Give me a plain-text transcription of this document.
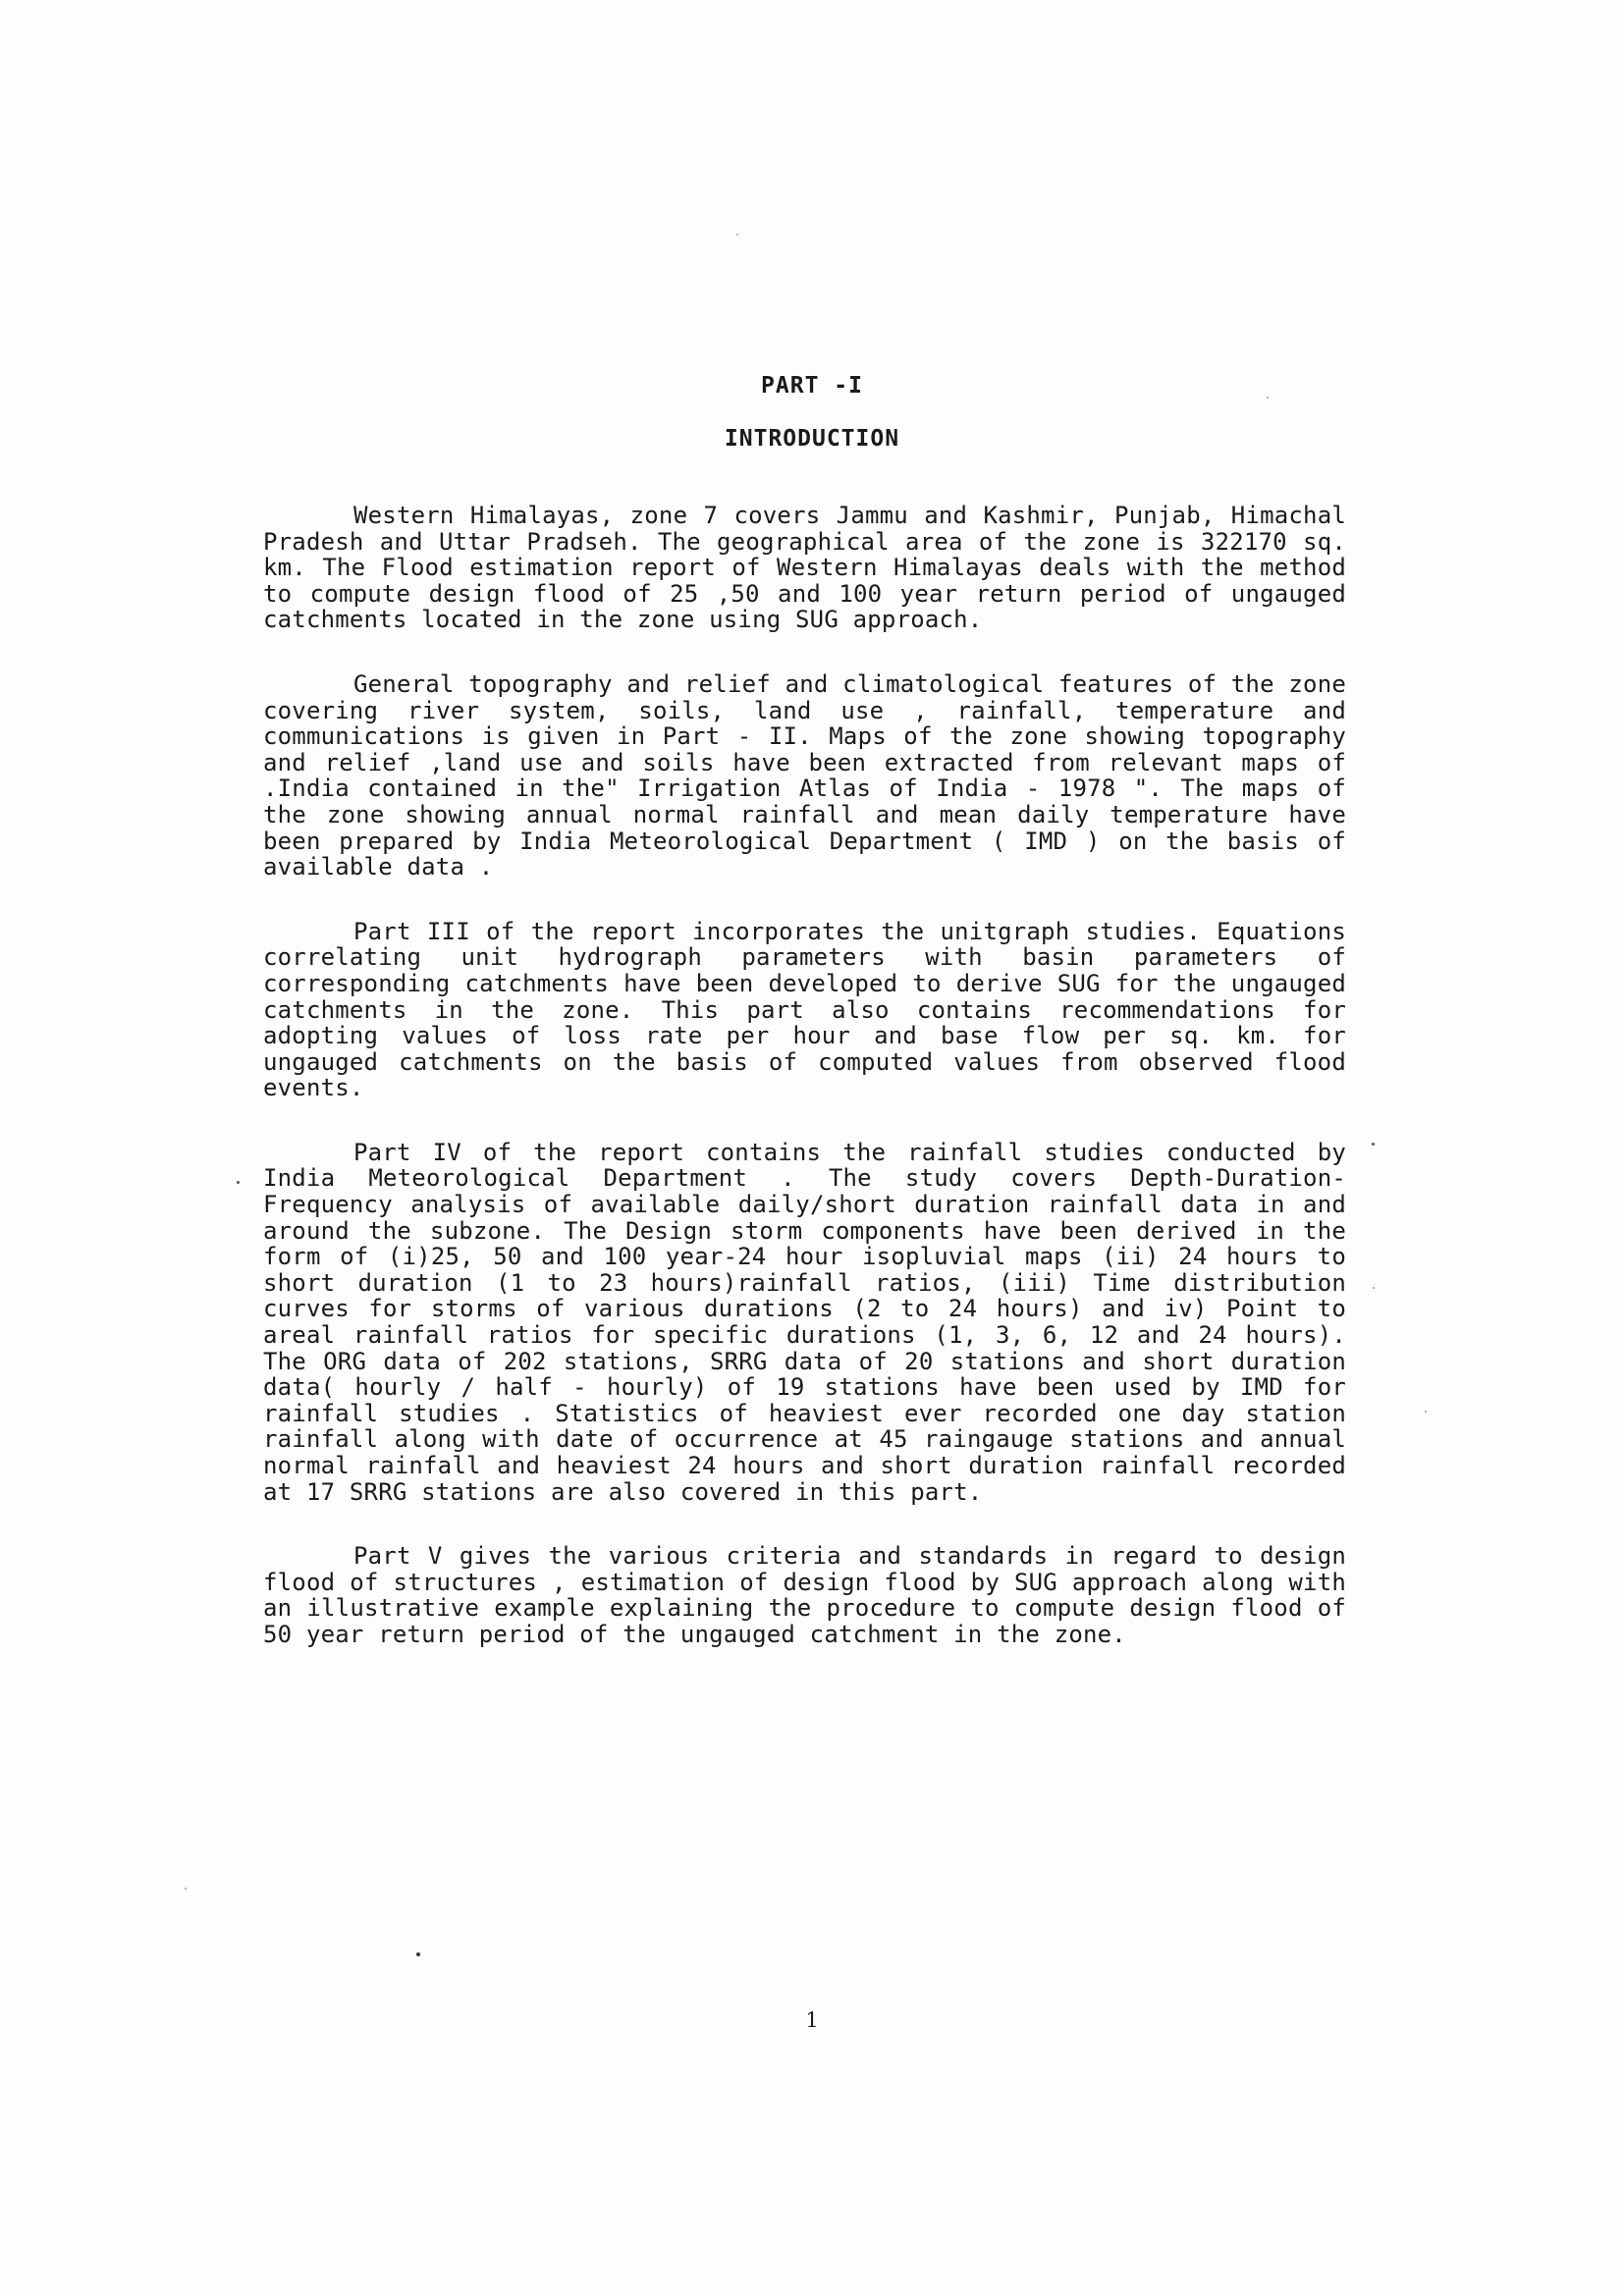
PART -I
INTRODUCTION

Western Himalayas, zone 7 covers Jammu and Kashmir, Punjab, Himachal Pradesh and Uttar Pradseh. The geographical area of the zone is 322170 sq. km. The Flood estimation report of Western Himalayas deals with the method to compute design flood of 25 ,50 and 100 year return period of ungauged catchments located in the zone using SUG approach.

General topography and relief and climatological features of the zone covering river system, soils, land use , rainfall, temperature and communications is given in Part - II. Maps of the zone showing topography and relief ,land use and soils have been extracted from relevant maps of .India contained in the" Irrigation Atlas of India - 1978 ". The maps of the zone showing annual normal rainfall and mean daily temperature have been prepared by India Meteorological Department ( IMD ) on the basis of available data .

Part III of the report incorporates the unitgraph studies. Equations correlating unit hydrograph parameters with basin parameters of corresponding catchments have been developed to derive SUG for the ungauged catchments in the zone. This part also contains recommendations for adopting values of loss rate per hour and base flow per sq. km. for ungauged catchments on the basis of computed values from observed flood events.

Part IV of the report contains the rainfall studies conducted by India Meteorological Department . The study covers Depth-Duration- Frequency analysis of available daily/short duration rainfall data in and around the subzone. The Design storm components have been derived in the form of (i)25, 50 and 100 year-24 hour isopluvial maps (ii) 24 hours to short duration (1 to 23 hours)rainfall ratios, (iii) Time distribution curves for storms of various durations (2 to 24 hours) and iv) Point to areal rainfall ratios for specific durations (1, 3, 6, 12 and 24 hours). The ORG data of 202 stations, SRRG data of 20 stations and short duration data( hourly / half - hourly) of 19 stations have been used by IMD for rainfall studies . Statistics of heaviest ever recorded one day station rainfall along with date of occurrence at 45 raingauge stations and annual normal rainfall and heaviest 24 hours and short duration rainfall recorded at 17 SRRG stations are also covered in this part.

Part V gives the various criteria and standards in regard to design flood of structures , estimation of design flood by SUG approach along with an illustrative example explaining the procedure to compute design flood of 50 year return period of the ungauged catchment in the zone.

1
